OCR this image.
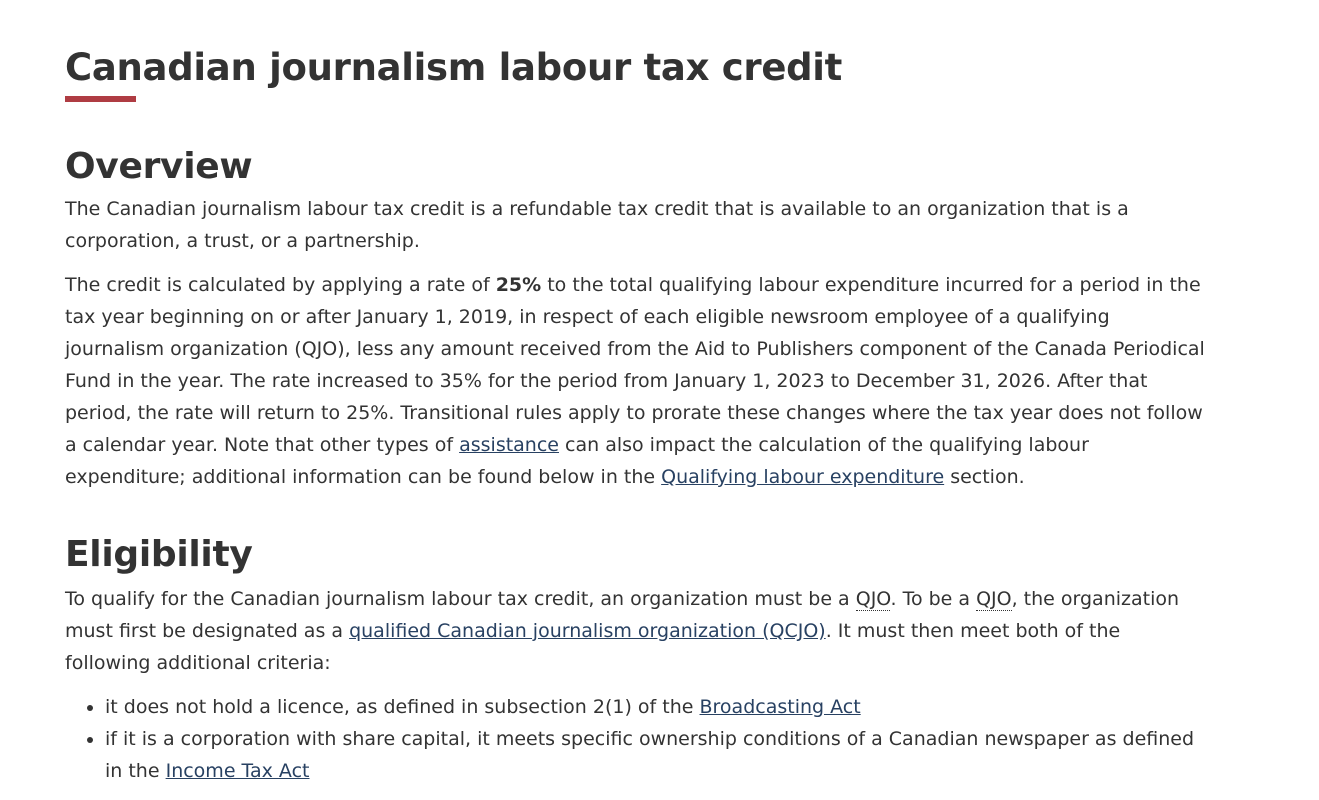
Canadian journalism labour tax credit
Overview

The Canadian journalism labour tax credit is a refundable tax credit that is available to an organization that is a corporation, a trust, or a partnership.

The credit is calculated by applying a rate of 25% to the total qualifying labour expenditure incurred for a period in the tax year beginning on or after January 1, 2019, in respect of each eligible newsroom employee of a qualifying journalism organization (QJO), less any amount received from the Aid to Publishers component of the Canada Periodical Fund in the year. The rate increased to 35% for the period from January 1, 2023 to December 31, 2026. After that period, the rate will return to 25%. Transitional rules apply to prorate these changes where the tax year does not follow a calendar year. Note that other types of assistance can also impact the calculation of the qualifying labour expenditure; additional information can be found below in the Qualifying labour expenditure section.

Eligibility

To qualify for the Canadian journalism labour tax credit, an organization must be a QJO. To be a QJO, the organization must first be designated as a qualified Canadian journalism organization (QCJO). It must then meet both of the following additional criteria:

• it does not hold a licence, as defined in subsection 2(1) of the Broadcasting Act
• if it is a corporation with share capital, it meets specific ownership conditions of a Canadian newspaper as defined in the Income Tax Act
